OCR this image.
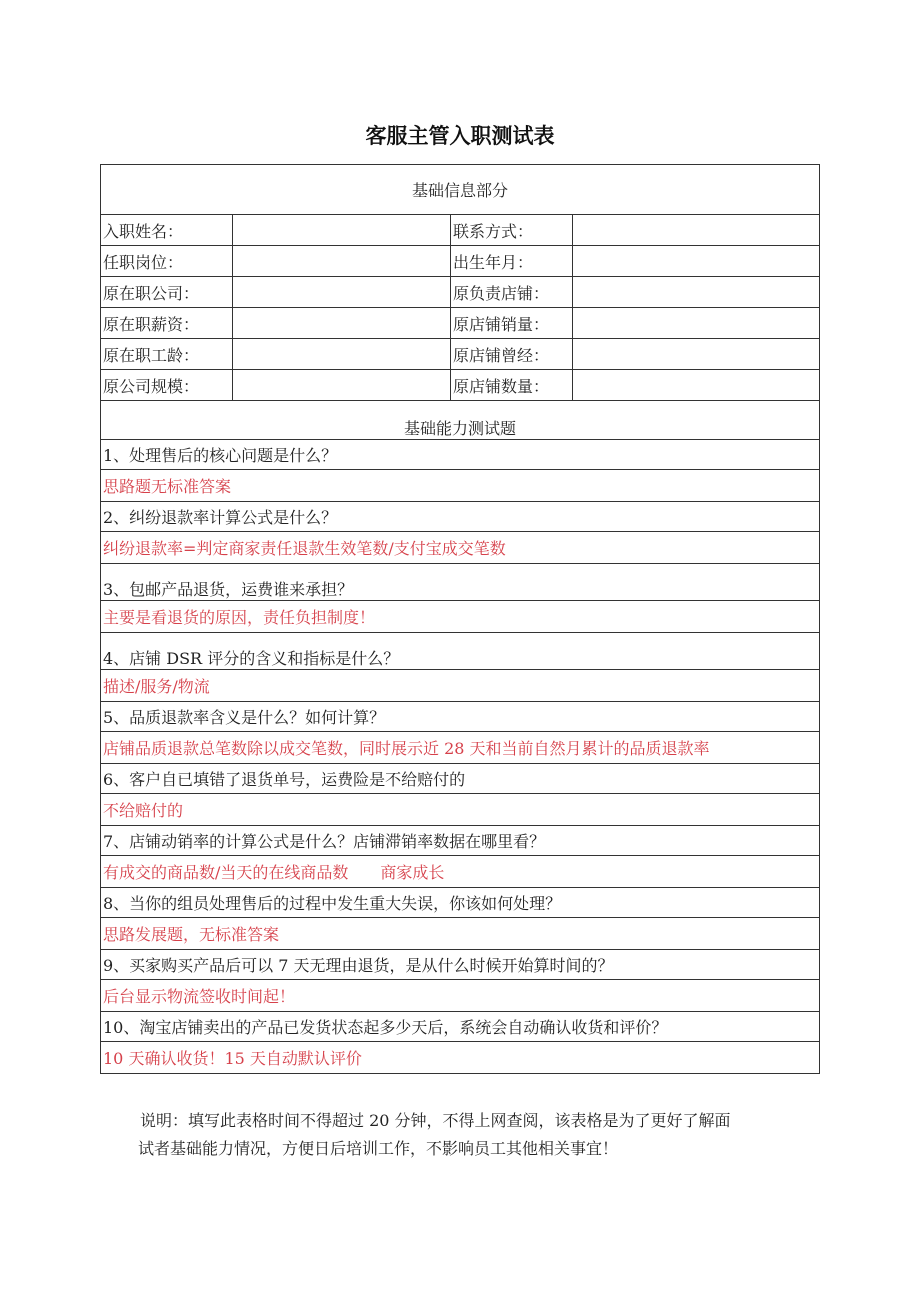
客服主管入职测试表
基础信息部分			
入职姓名：		联系方式：	
任职岗位：		出生年月：	
原在职公司：		原负责店铺：	
原在职薪资：		原店铺销量：	
原在职工龄：		原店铺曾经：	
原公司规模：		原店铺数量：	
基础能力测试题			
1、处理售后的核心问题是什么？			
思路题无标准答案			
2、纠纷退款率计算公式是什么？			
纠纷退款率=判定商家责任退款生效笔数/支付宝成交笔数			
3、包邮产品退货，运费谁来承担？			
主要是看退货的原因，责任负担制度！			
4、店铺 DSR 评分的含义和指标是什么？			
描述/服务/物流			
5、品质退款率含义是什么？如何计算？			
店铺品质退款总笔数除以成交笔数，同时展示近 28 天和当前自然月累计的品质退款率			
6、客户自已填错了退货单号，运费险是不给赔付的			
不给赔付的			
7、店铺动销率的计算公式是什么？店铺滞销率数据在哪里看？			
有成交的商品数/当天的在线商品数　　商家成长			
8、当你的组员处理售后的过程中发生重大失误，你该如何处理？			
思路发展题，无标准答案			
9、买家购买产品后可以 7 天无理由退货，是从什么时候开始算时间的？			
后台显示物流签收时间起！			
10、淘宝店铺卖出的产品已发货状态起多少天后，系统会自动确认收货和评价？			
10 天确认收货！15 天自动默认评价			
说明：填写此表格时间不得超过 20 分钟，不得上网查阅，该表格是为了更好了解面
试者基础能力情况，方便日后培训工作，不影响员工其他相关事宜！
